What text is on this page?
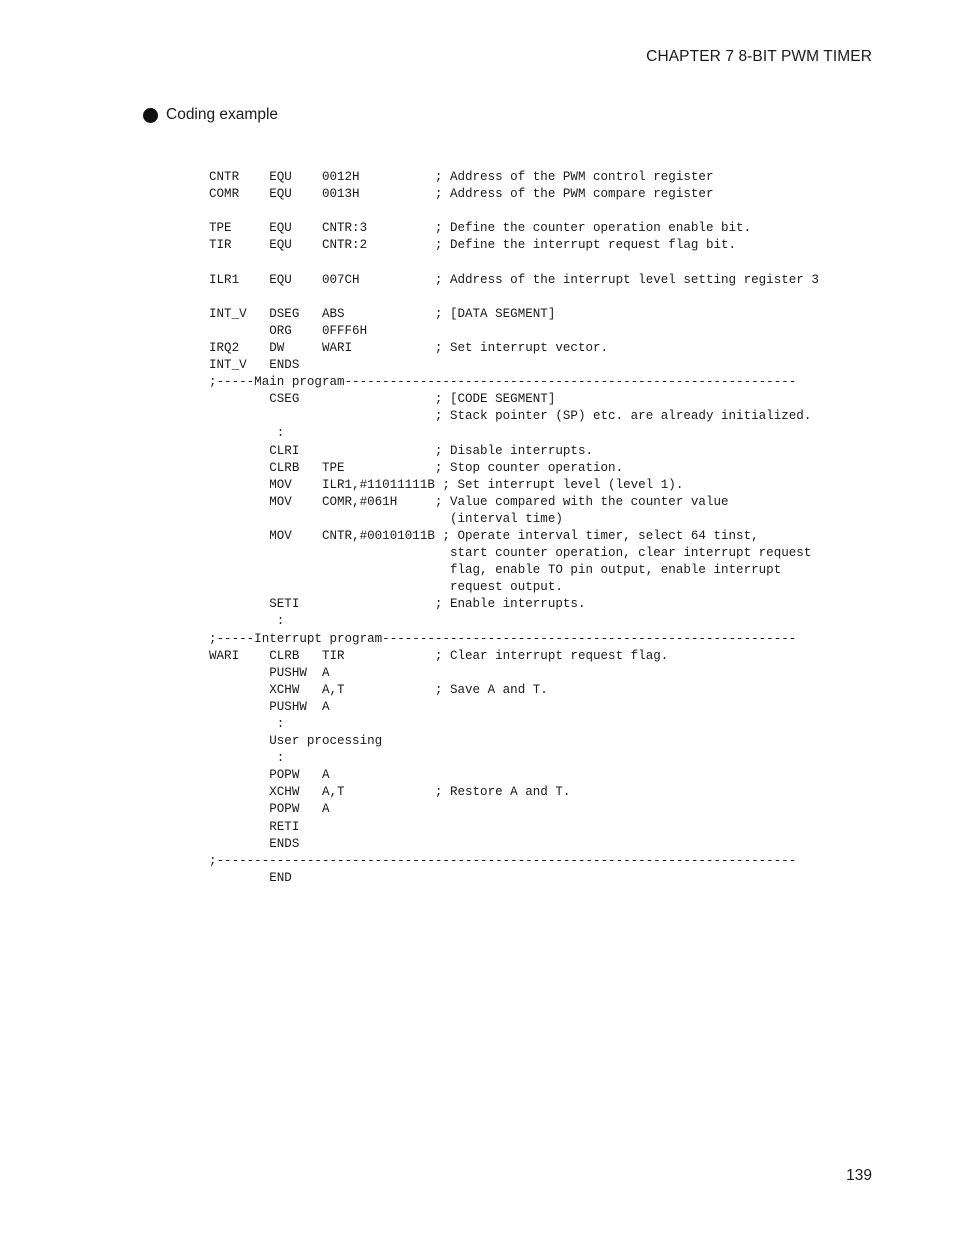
CHAPTER 7 8-BIT PWM TIMER
Coding example
CNTR    EQU    0012H          ; Address of the PWM control register
COMR    EQU    0013H          ; Address of the PWM compare register
TPE     EQU    CNTR:3         ; Define the counter operation enable bit.
TIR     EQU    CNTR:2         ; Define the interrupt request flag bit.
ILR1    EQU    007CH          ; Address of the interrupt level setting register 3
INT_V   DSEG   ABS            ; [DATA SEGMENT]
ORG    0FFF6H
IRQ2    DW     WARI           ; Set interrupt vector.
INT_V   ENDS
;-----Main program------------------------------------------------------------
CSEG                  ; [CODE SEGMENT]
; Stack pointer (SP) etc. are already initialized.
:
CLRI                  ; Disable interrupts.
CLRB   TPE            ; Stop counter operation.
MOV    ILR1,#11011111B ; Set interrupt level (level 1).
MOV    COMR,#061H     ; Value compared with the counter value
(interval time)
MOV    CNTR,#00101011B ; Operate interval timer, select 64 tinst,
start counter operation, clear interrupt request
flag, enable TO pin output, enable interrupt
request output.
SETI                  ; Enable interrupts.
:
;-----Interrupt program-------------------------------------------------------
WARI    CLRB   TIR            ; Clear interrupt request flag.
PUSHW  A
XCHW   A,T            ; Save A and T.
PUSHW  A
:
User processing
:
POPW   A
XCHW   A,T            ; Restore A and T.
POPW   A
RETI
ENDS
;-----------------------------------------------------------------------------
END
139
